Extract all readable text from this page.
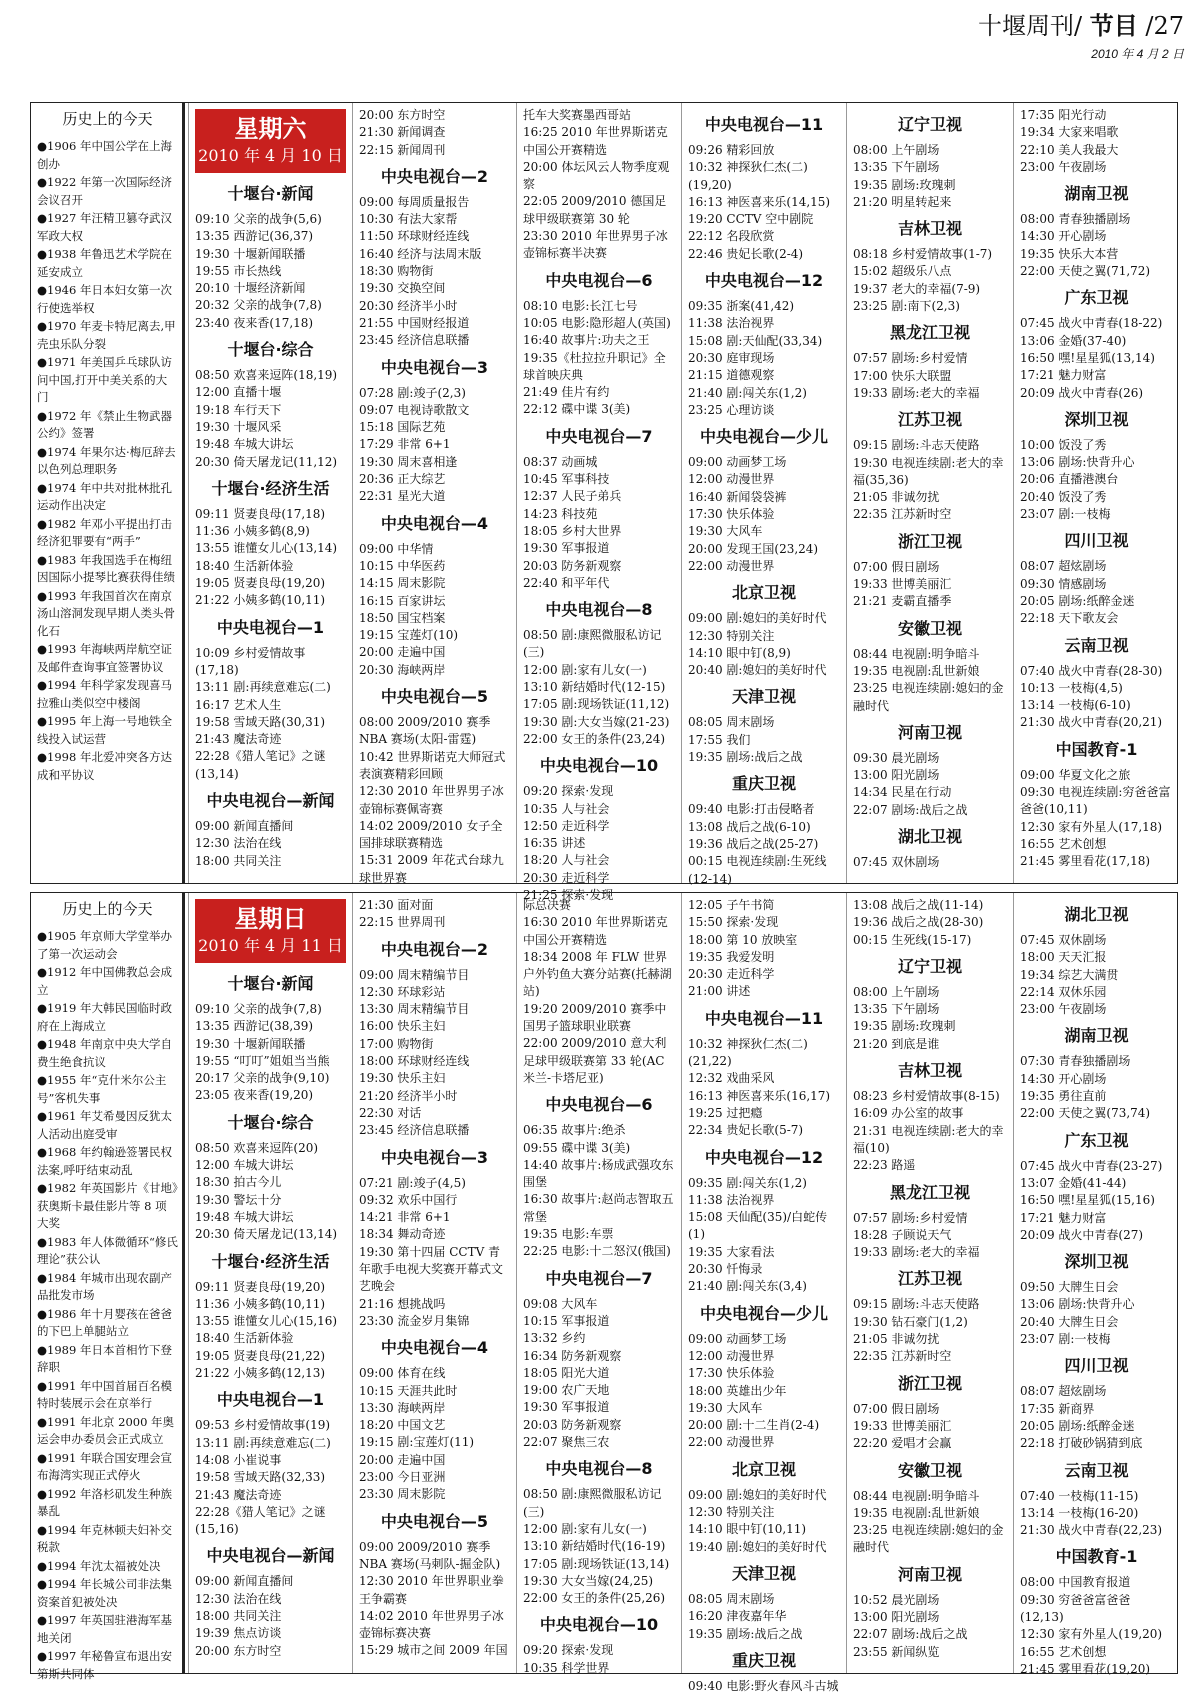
十堰周刊/ 节目 /27
2010 年 4 月 2 日
历史上的今天
● 1906 年中国公学在上海创办
● 1922 年第一次国际经济会议召开
● 1927 年汪精卫篡夺武汉军政大权
● 1938 年鲁迅艺术学院在延安成立
● 1946 年日本妇女第一次行使选举权
● 1970 年麦卡特尼离去,甲壳虫乐队分裂
● 1971 年美国乒乓球队访问中国,打开中美关系的大门
● 1972 年《禁止生物武器公约》签署
● 1974 年果尔达·梅厄辞去以色列总理职务
● 1974 年中共对批林批孔运动作出决定
● 1982 年邓小平提出打击经济犯罪要有“两手”
● 1983 年我国选手在梅纽因国际小提琴比赛获得佳绩
● 1993 年我国首次在南京汤山溶洞发现早期人类头骨化石
● 1993 年海峡两岸航空证及邮件查询事宜签署协议
● 1994 年科学家发现喜马拉雅山类似空中楼阁
● 1995 年上海一号地铁全线投入试运营
● 1998 年北爱冲突各方达成和平协议
星期六
2010 年 4 月 10 日
十堰台·新闻
09:10 父亲的战争(5,6)
13:35 西游记(36,37)
19:30 十堰新闻联播
19:55 市长热线
20:10 十堰经济新闻
20:32 父亲的战争(7,8)
23:40 夜来香(17,18)
十堰台·综合
08:50 欢喜来逗阵(18,19)
12:00 直播十堰
19:18 车行天下
19:30 十堰风采
19:48 车城大讲坛
20:30 倚天屠龙记(11,12)
十堰台·经济生活
09:11 贤妻良母(17,18)
11:36 小姨多鹤(8,9)
13:55 谁懂女儿心(13,14)
18:40 生活新体验
19:05 贤妻良母(19,20)
21:22 小姨多鹤(10,11)
中央电视台—1
10:09 乡村爱情故事(17,18)
13:11 剧:再续意难忘(二)
16:17 艺术人生
19:58 雪域天路(30,31)
21:43 魔法奇迹
22:28《猎人笔记》之谜(13,14)
中央电视台—新闻
09:00 新闻直播间
12:30 法治在线
18:00 共同关注
20:00 东方时空
21:30 新闻调查
22:15 新闻周刊
中央电视台—2
09:00 每周质量报告
10:30 有法大家帮
11:50 环球财经连线
16:40 经济与法周末版
18:30 购物街
19:30 交换空间
20:30 经济半小时
21:55 中国财经报道
23:45 经济信息联播
中央电视台—3
07:28 剧:竣子(2,3)
09:07 电视诗歌散文
15:18 国际艺苑
17:29 非常 6+1
19:30 周末喜相逢
20:36 正大综艺
22:31 星光大道
中央电视台—4
09:00 中华情
10:15 中华医药
14:15 周末影院
16:15 百家讲坛
18:50 国宝档案
19:15 宝莲灯(10)
20:00 走遍中国
20:30 海峡两岸
中央电视台—5
08:00 2009/2010 赛季 NBA 赛场(太阳-雷霆)
10:42 世界斯诺克大师冠式表演赛精彩回顾
12:30 2010 年世界男子冰壶锦标赛佩寄赛
14:02 2009/2010 女子全国排球联赛精选
15:31 2009 年花式台球九球世界赛
托车大奖赛墨西哥站
16:25 2010 年世界斯诺克中国公开赛精选
20:00 体坛风云人物季度观察
22:05 2009/2010 德国足球甲级联赛第 30 轮
23:30 2010 年世界男子冰壶锦标赛半决赛
中央电视台—6
08:10 电影:长江七号
10:05 电影:隐形超人(英国)
16:40 故事片:功夫之王
19:35《杜拉拉升职记》全球首映庆典
21:49 佳片有约
22:12 碟中谍 3(美)
中央电视台—7
08:37 动画城
10:45 军事科技
12:37 人民子弟兵
14:23 科技苑
18:05 乡村大世界
19:30 军事报道
20:03 防务新观察
22:40 和平年代
中央电视台—8
08:50 剧:康熙微服私访记(三)
12:00 剧:家有儿女(一)
13:10 新结婚时代(12-15)
17:05 剧:现场铁证(11,12)
19:30 剧:大女当嫁(21-23)
22:00 女王的条件(23,24)
中央电视台—10
09:20 探索·发现
10:35 人与社会
12:50 走近科学
16:35 讲述
18:20 人与社会
20:30 走近科学
21:25 探索·发现
中央电视台—11
09:26 精彩回放
10:32 神探狄仁杰(二)(19,20)
16:13 神医喜来乐(14,15)
19:20 CCTV 空中剧院
22:12 名段欣赏
22:46 贵妃长歌(2-4)
中央电视台—12
09:35 浙案(41,42)
11:38 法治视界
15:08 剧:天仙配(33,34)
20:30 庭审现场
21:15 道德观察
21:40 剧:闯关东(1,2)
23:25 心理访谈
中央电视台—少儿
09:00 动画梦工场
12:00 动漫世界
16:40 新闻袋袋裤
17:30 快乐体验
19:30 大风车
20:00 发现王国(23,24)
22:00 动漫世界
北京卫视
09:00 剧:媳妇的美好时代
12:30 特别关注
14:10 眼中钉(8,9)
20:40 剧:媳妇的美好时代
天津卫视
08:05 周末剧场
17:55 我们
19:35 剧场:战后之战
重庆卫视
09:40 电影:打击侵略者
13:08 战后之战(6-10)
19:36 战后之战(25-27)
00:15 电视连续剧:生死线(12-14)
辽宁卫视
08:00 上午剧场
13:35 下午剧场
19:35 剧场:玫瑰刺
21:20 明星转起来
吉林卫视
08:18 乡村爱情故事(1-7)
15:02 超级乐八点
19:37 老大的幸福(7-9)
23:25 剧:南下(2,3)
黑龙江卫视
07:57 剧场:乡村爱情
17:00 快乐大联盟
19:33 剧场:老大的幸福
江苏卫视
09:15 剧场:斗志天使路
19:30 电视连续剧:老大的幸福(35,36)
21:05 非诚勿扰
22:35 江苏新时空
浙江卫视
07:00 假日剧场
19:33 世博美丽汇
21:21 麦霸直播季
安徽卫视
08:44 电视剧:明争暗斗
19:35 电视剧:乱世新娘
23:25 电视连续剧:媳妇的金融时代
河南卫视
09:30 晨光剧场
13:00 阳光剧场
14:34 民星在行动
22:07 剧场:战后之战
湖北卫视
07:45 双休剧场
17:35 阳光行动
19:34 大家来唱歌
22:10 美人我最大
23:00 午夜剧场
湖南卫视
08:00 青春独播剧场
14:30 开心剧场
19:35 快乐大本营
22:00 天使之翼(71,72)
广东卫视
07:45 战火中青春(18-22)
13:06 金婚(37-40)
16:50 嘿!星星狐(13,14)
17:21 魅力财富
20:09 战火中青春(26)
深圳卫视
10:00 饭没了秀
13:06 剧场:快背升心
20:06 直播港澳台
20:40 饭没了秀
23:07 剧:一枝梅
四川卫视
08:07 超炫剧场
09:30 情感剧场
20:05 剧场:纸醉金迷
22:18 天下歌友会
云南卫视
07:40 战火中青春(28-30)
10:13 一枝梅(4,5)
13:14 一枝梅(6-10)
21:30 战火中青春(20,21)
中国教育-1
09:00 华夏文化之旅
09:30 电视连续剧:穷爸爸富爸爸(10,11)
12:30 家有外星人(17,18)
16:55 艺术创想
21:45 雾里看花(17,18)
历史上的今天
● 1905 年京师大学堂举办了第一次运动会
● 1912 年中国佛教总会成立
● 1919 年大韩民国临时政府在上海成立
● 1948 年南京中央大学自费生绝食抗议
● 1955 年“克什米尔公主号”客机失事
● 1961 年艾希曼因反犹太人活动出庭受审
● 1968 年约翰逊签署民权法案,呼吁结束动乱
● 1982 年英国影片《甘地》获奥斯卡最佳影片等 8 项大奖
● 1983 年人体微循环“修氏理论”获公认
● 1984 年城市出现农副产品批发市场
● 1986 年十月婴孩在爸爸的下巴上单腿站立
● 1989 年日本首相竹下登辞职
● 1991 年中国首届百名模特时装展示会在京举行
● 1991 年北京 2000 年奥运会申办委员会正式成立
● 1991 年联合国安理会宣布海湾实现正式停火
● 1992 年洛杉矶发生种族暴乱
● 1994 年克林顿夫妇补交税款
● 1994 年沈太福被处决
● 1994 年长城公司非法集资案首犯被处决
● 1997 年英国驻港海军基地关闭
● 1997 年秘鲁宣布退出安第斯共同体
星期日
2010 年 4 月 11 日
十堰台·新闻
09:10 父亲的战争(7,8)
13:35 西游记(38,39)
19:30 十堰新闻联播
19:55 “叮叮”姐姐当当熊
20:17 父亲的战争(9,10)
23:05 夜来香(19,20)
十堰台·综合
08:50 欢喜来逗阵(20)
12:00 车城大讲坛
18:30 拍古今儿
19:30 警坛十分
19:48 车城大讲坛
20:30 倚天屠龙记(13,14)
十堰台·经济生活
09:11 贤妻良母(19,20)
11:36 小姨多鹤(10,11)
13:55 谁懂女儿心(15,16)
18:40 生活新体验
19:05 贤妻良母(21,22)
21:22 小姨多鹤(12,13)
中央电视台—1
09:53 乡村爱情故事(19)
13:11 剧:再续意难忘(二)
14:08 小崔说事
19:58 雪域天路(32,33)
21:43 魔法奇迹
22:28《猎人笔记》之谜(15,16)
中央电视台—新闻
09:00 新闻直播间
12:30 法治在线
18:00 共同关注
19:39 焦点访谈
20:00 东方时空
21:30 面对面
22:15 世界周刊
中央电视台—2
09:00 周末精编节目
12:30 环球彩站
13:30 周末精编节目
16:00 快乐主妇
17:00 购物街
18:00 环球财经连线
19:30 快乐主妇
21:20 经济半小时
22:30 对话
23:45 经济信息联播
中央电视台—3
07:21 剧:竣子(4,5)
09:32 欢乐中国行
14:21 非常 6+1
18:34 舞动奇迹
19:30 第十四届 CCTV 青年歌手电视大奖赛开幕式文艺晚会
21:16 想挑战吗
23:30 流金岁月集锦
中央电视台—4
09:00 体育在线
10:15 天涯共此时
13:30 海峡两岸
18:20 中国文艺
19:15 剧:宝莲灯(11)
20:00 走遍中国
23:00 今日亚洲
23:30 周末影院
中央电视台—5
09:00 2009/2010 赛季 NBA 赛场(马刺队-掘金队)
12:30 2010 年世界职业拳王争霸赛
14:02 2010 年世界男子冰壶锦标赛决赛
15:29 城市之间 2009 年国
际总决赛
16:30 2010 年世界斯诺克中国公开赛精选
18:34 2008 年 FLW 世界户外钓鱼大赛分站赛(托赫湖站)
19:20 2009/2010 赛季中国男子篮球职业联赛
22:00 2009/2010 意大利足球甲级联赛第 33 轮(AC 米兰-卡塔尼亚)
中央电视台—6
06:35 故事片:绝杀
09:55 碟中谍 3(美)
14:40 故事片:杨成武强攻东围堡
16:30 故事片:赵尚志智取五常堡
19:35 电影:车票
22:25 电影:十二怒汉(俄国)
中央电视台—7
09:08 大风车
10:15 军事报道
13:32 乡约
16:34 防务新观察
18:05 阳光大道
19:00 农广天地
19:30 军事报道
20:03 防务新观察
22:07 聚焦三农
中央电视台—8
08:50 剧:康熙微服私访记(三)
12:00 剧:家有儿女(一)
13:10 新结婚时代(16-19)
17:05 剧:现场铁证(13,14)
19:30 大女当嫁(24,25)
22:00 女王的条件(25,26)
中央电视台—10
09:20 探索·发现
10:35 科学世界
12:05 子午书简
15:50 探索·发现
18:00 第 10 放映室
19:35 我爱发明
20:30 走近科学
21:00 讲述
中央电视台—11
10:32 神探狄仁杰(二)(21,22)
12:32 戏曲采风
16:13 神医喜来乐(16,17)
19:25 过把瘾
22:34 贵妃长歌(5-7)
中央电视台—12
09:35 剧:闯关东(1,2)
11:38 法治视界
15:08 天仙配(35)/白蛇传(1)
19:35 大家看法
20:30 忏悔录
21:40 剧:闯关东(3,4)
中央电视台—少儿
09:00 动画梦工场
12:00 动漫世界
17:30 快乐体验
18:00 英雄出少年
19:30 大风车
20:00 剧:十二生肖(2-4)
22:00 动漫世界
北京卫视
09:00 剧:媳妇的美好时代
12:30 特别关注
14:10 眼中钉(10,11)
19:40 剧:媳妇的美好时代
天津卫视
08:05 周末剧场
16:20 津夜嘉年华
19:35 剧场:战后之战
重庆卫视
09:40 电影:野火春风斗古城
13:08 战后之战(11-14)
19:36 战后之战(28-30)
00:15 生死线(15-17)
辽宁卫视
08:00 上午剧场
13:35 下午剧场
19:35 剧场:玫瑰刺
21:20 到底是谁
吉林卫视
08:23 乡村爱情故事(8-15)
16:09 办公室的故事
21:31 电视连续剧:老大的幸福(10)
22:23 路遥
黑龙江卫视
07:57 剧场:乡村爱情
18:28 子顾说天气
19:33 剧场:老大的幸福
江苏卫视
09:15 剧场:斗志天使路
19:30 钻石豪门(1,2)
21:05 非诚勿扰
22:35 江苏新时空
浙江卫视
07:00 假日剧场
19:33 世博美丽汇
22:20 爱唱才会赢
安徽卫视
08:44 电视剧:明争暗斗
19:35 电视剧:乱世新娘
23:25 电视连续剧:媳妇的金融时代
河南卫视
10:52 晨光剧场
13:00 阳光剧场
22:07 剧场:战后之战
23:55 新闻纵览
湖北卫视
07:45 双休剧场
18:00 天天汇报
19:34 综艺大满贯
22:14 双休乐园
23:00 午夜剧场
湖南卫视
07:30 青春独播剧场
14:30 开心剧场
19:35 勇往直前
22:00 天使之翼(73,74)
广东卫视
07:45 战火中青春(23-27)
13:07 金婚(41-44)
16:50 嘿!星星狐(15,16)
17:21 魅力财富
20:09 战火中青春(27)
深圳卫视
09:50 大牌生日会
13:06 剧场:快背升心
20:40 大牌生日会
23:07 剧:一枝梅
四川卫视
08:07 超炫剧场
17:35 新商界
20:05 剧场:纸醉金迷
22:18 打破砂锅猜到底
云南卫视
07:40 一枝梅(11-15)
13:14 一枝梅(16-20)
21:30 战火中青春(22,23)
中国教育-1
08:00 中国教育报道
09:30 穷爸爸富爸爸(12,13)
12:30 家有外星人(19,20)
16:55 艺术创想
21:45 雾里看花(19,20)
